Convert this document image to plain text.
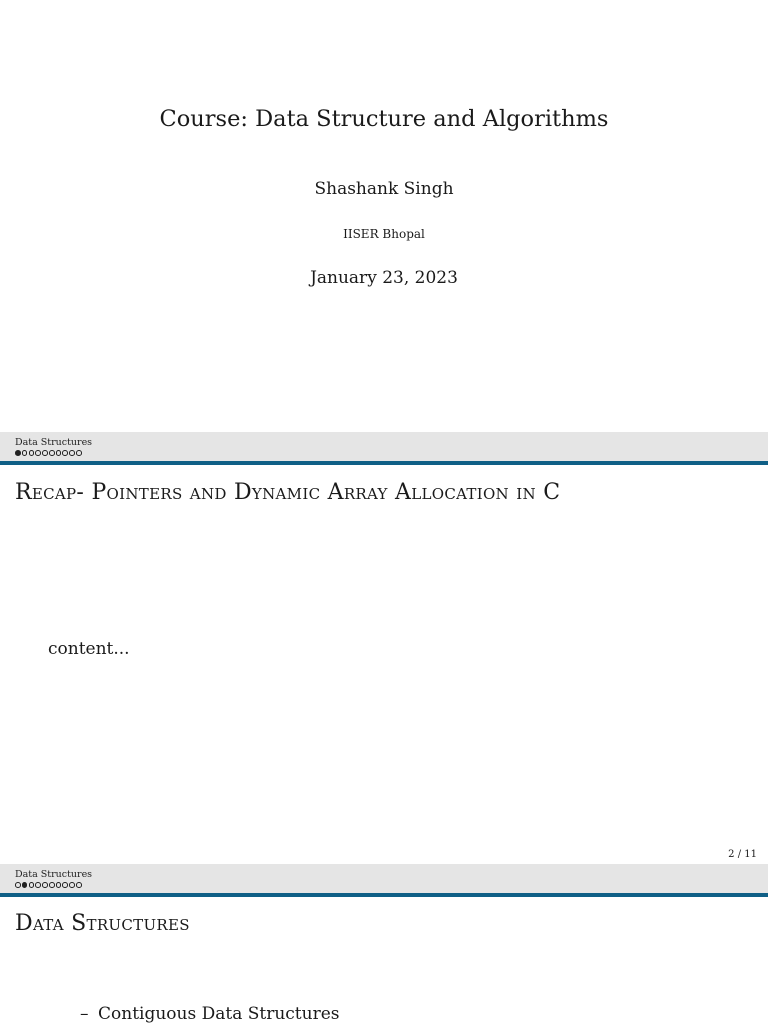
Course: Data Structure and Algorithms
Shashank Singh
IISER Bhopal
January 23, 2023
Data Structures
Recap- Pointers and Dynamic Array Allocation in C
content...
2 / 11
Data Structures
Data Structures
– Contiguous Data Structures
